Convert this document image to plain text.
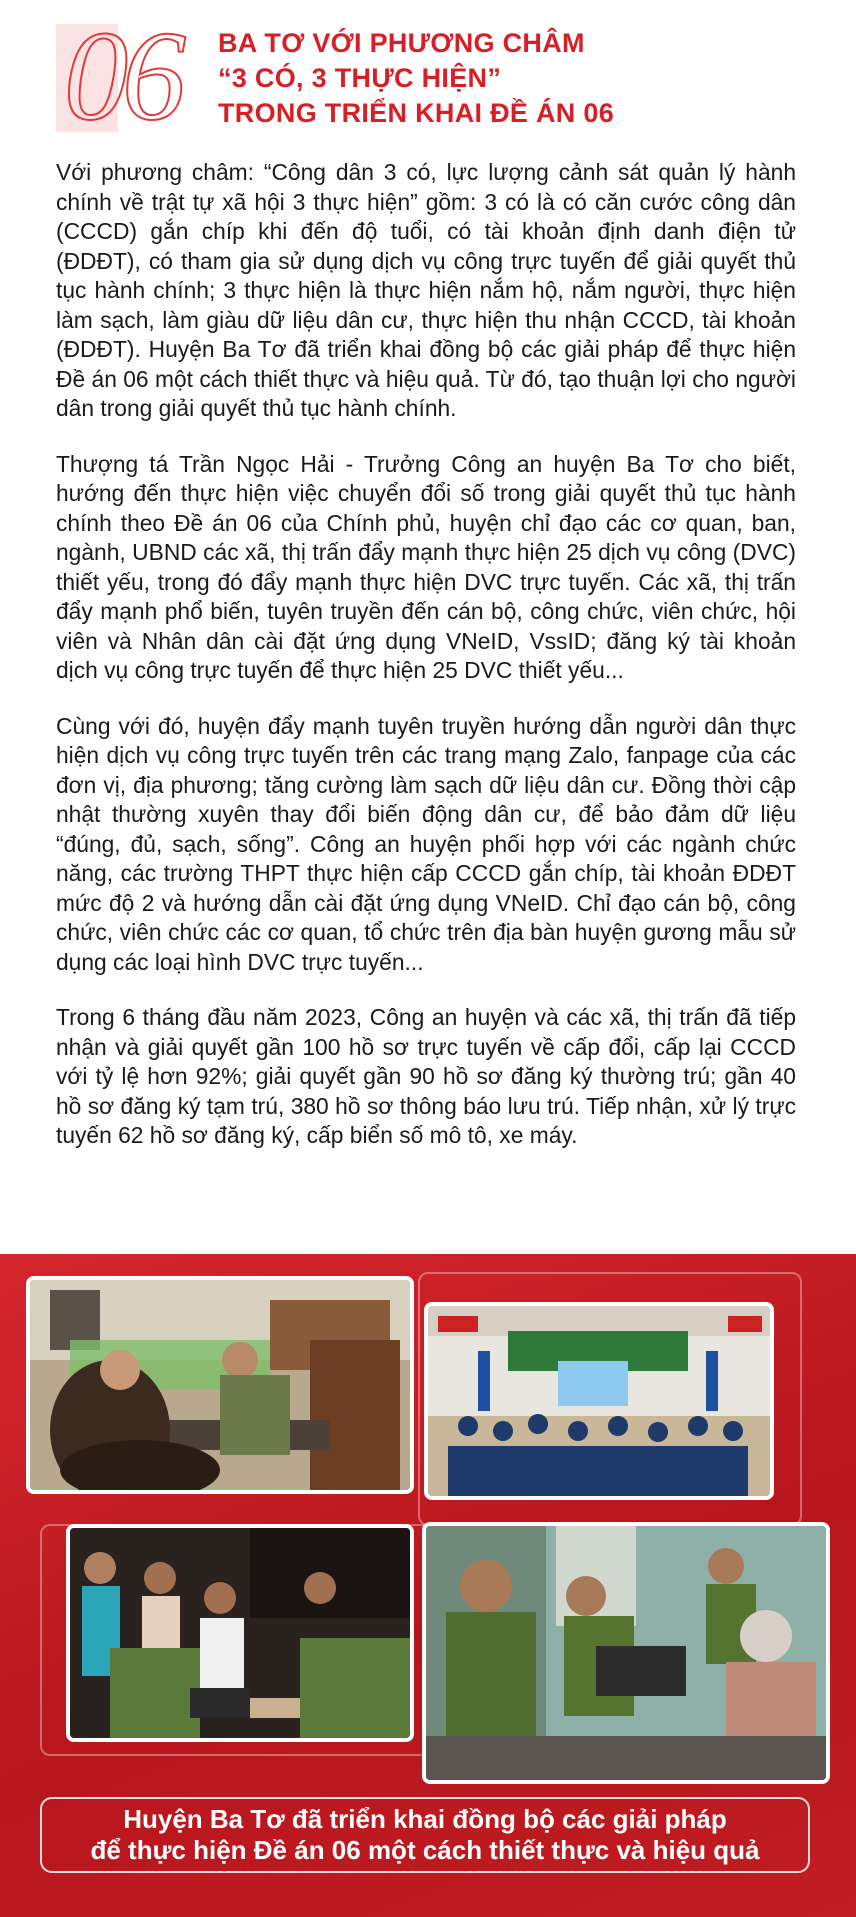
06 BA TƠ VỚI PHƯƠNG CHÂM
“3 CÓ, 3 THỰC HIỆN”
TRONG TRIỂN KHAI ĐỀ ÁN 06

Với phương châm: “Công dân 3 có, lực lượng cảnh sát quản lý hành chính về trật tự xã hội 3 thực hiện” gồm: 3 có là có căn cước công dân (CCCD) gắn chíp khi đến độ tuổi, có tài khoản định danh điện tử (ĐDĐT), có tham gia sử dụng dịch vụ công trực tuyến để giải quyết thủ tục hành chính; 3 thực hiện là thực hiện nắm hộ, nắm người, thực hiện làm sạch, làm giàu dữ liệu dân cư, thực hiện thu nhận CCCD, tài khoản (ĐDĐT). Huyện Ba Tơ đã triển khai đồng bộ các giải pháp để thực hiện Đề án 06 một cách thiết thực và hiệu quả. Từ đó, tạo thuận lợi cho người dân trong giải quyết thủ tục hành chính.

Thượng tá Trần Ngọc Hải - Trưởng Công an huyện Ba Tơ cho biết, hướng đến thực hiện việc chuyển đổi số trong giải quyết thủ tục hành chính theo Đề án 06 của Chính phủ, huyện chỉ đạo các cơ quan, ban, ngành, UBND các xã, thị trấn đẩy mạnh thực hiện 25 dịch vụ công (DVC) thiết yếu, trong đó đẩy mạnh thực hiện DVC trực tuyến. Các xã, thị trấn đẩy mạnh phổ biến, tuyên truyền đến cán bộ, công chức, viên chức, hội viên và Nhân dân cài đặt ứng dụng VNeID, VssID; đăng ký tài khoản dịch vụ công trực tuyến để thực hiện 25 DVC thiết yếu...

Cùng với đó, huyện đẩy mạnh tuyên truyền hướng dẫn người dân thực hiện dịch vụ công trực tuyến trên các trang mạng Zalo, fanpage của các đơn vị, địa phương; tăng cường làm sạch dữ liệu dân cư. Đồng thời cập nhật thường xuyên thay đổi biến động dân cư, để bảo đảm dữ liệu “đúng, đủ, sạch, sống”. Công an huyện phối hợp với các ngành chức năng, các trường THPT thực hiện cấp CCCD gắn chíp, tài khoản ĐDĐT mức độ 2 và hướng dẫn cài đặt ứng dụng VNeID. Chỉ đạo cán bộ, công chức, viên chức các cơ quan, tổ chức trên địa bàn huyện gương mẫu sử dụng các loại hình DVC trực tuyến...

Trong 6 tháng đầu năm 2023, Công an huyện và các xã, thị trấn đã tiếp nhận và giải quyết gần 100 hồ sơ trực tuyến về cấp đổi, cấp lại CCCD với tỷ lệ hơn 92%; giải quyết gần 90 hồ sơ đăng ký thường trú; gần 40 hồ sơ đăng ký tạm trú, 380 hồ sơ thông báo lưu trú. Tiếp nhận, xử lý trực tuyến 62 hồ sơ đăng ký, cấp biển số mô tô, xe máy.

Huyện Ba Tơ đã triển khai đồng bộ các giải pháp
để thực hiện Đề án 06 một cách thiết thực và hiệu quả
